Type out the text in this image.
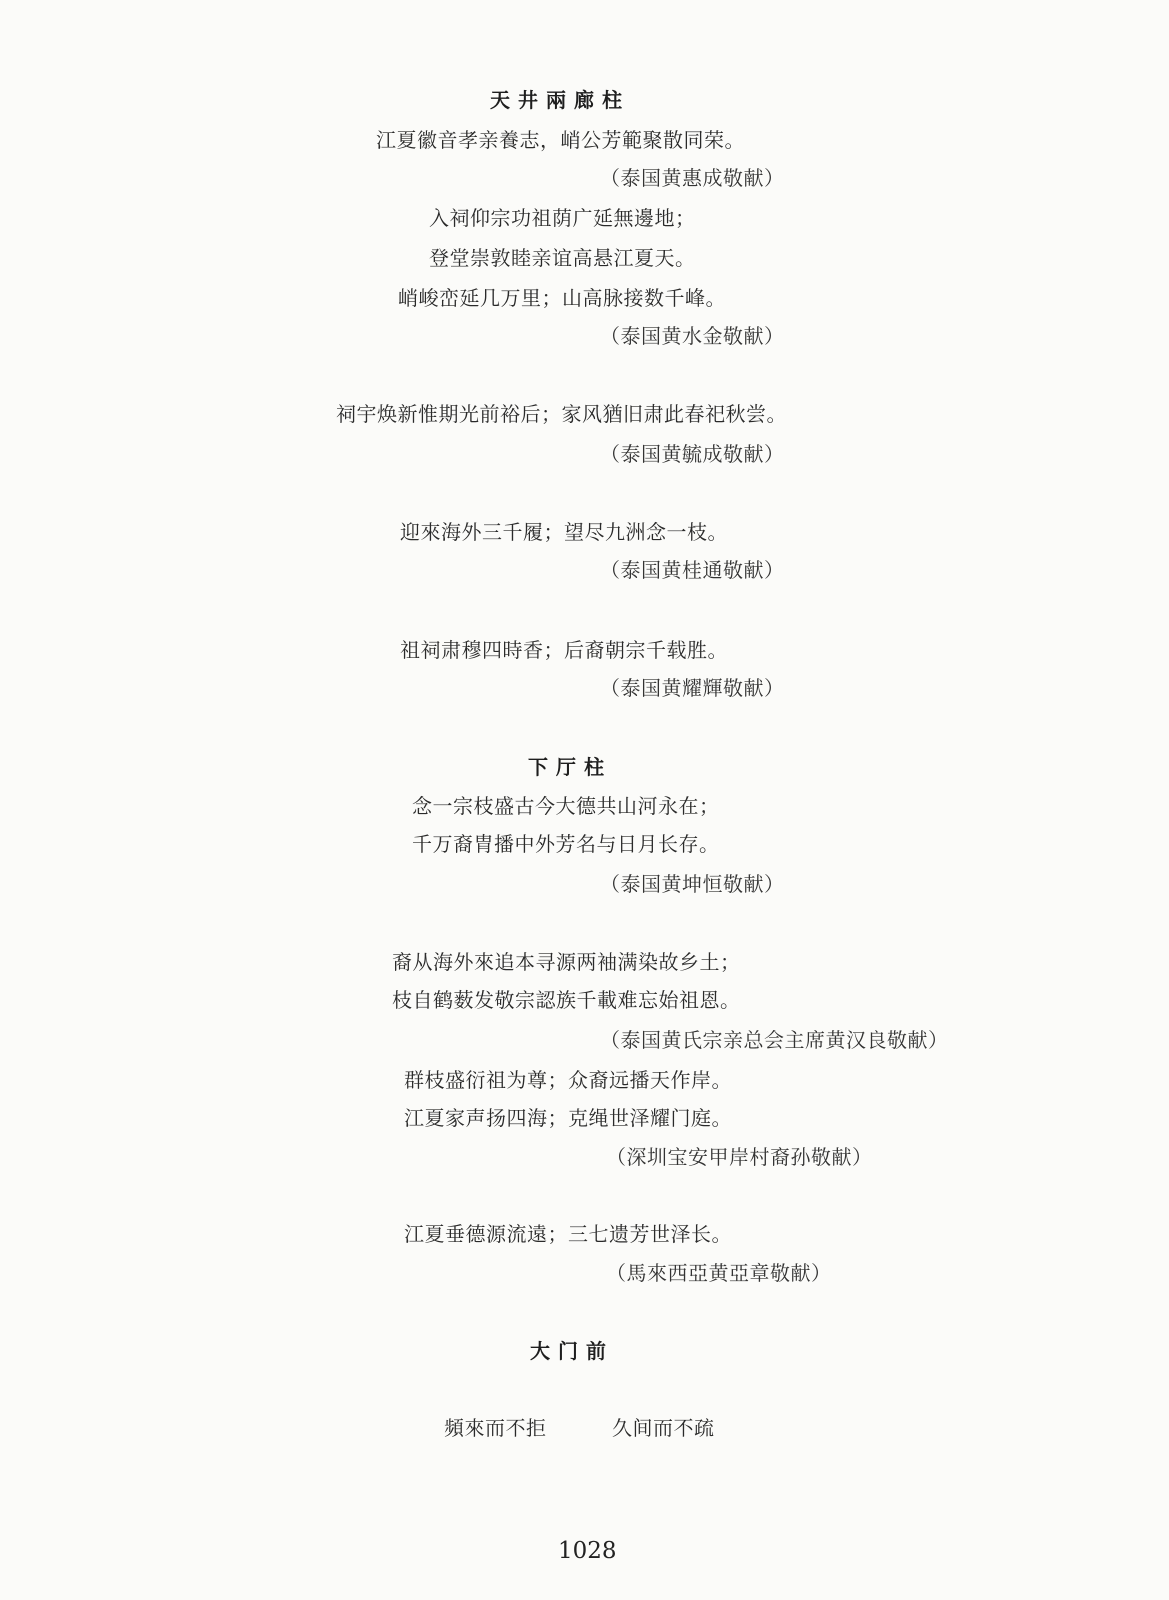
天井兩廊柱
江夏徽音孝亲養志，峭公芳範聚散同荣。
（泰国黄惠成敬献）
入祠仰宗功祖荫广延無邊地；
登堂崇敦睦亲谊高悬江夏天。
峭峻峦延几万里；山高脉接数千峰。
（泰国黄水金敬献）
祠宇焕新惟期光前裕后；家风猶旧肃此春祀秋尝。
（泰国黄毓成敬献）
迎來海外三千履；望尽九洲念一枝。
（泰国黄桂通敬献）
祖祠肃穆四時香；后裔朝宗千载胜。
（泰国黄耀輝敬献）
下厅柱
念一宗枝盛古今大德共山河永在；
千万裔胄播中外芳名与日月长存。
（泰国黄坤恒敬献）
裔从海外來追本寻源两袖满染故乡土；
枝自鹤薮发敬宗認族千載难忘始祖恩。
（泰国黄氏宗亲总会主席黄汉良敬献）
群枝盛衍祖为尊；众裔远播天作岸。
江夏家声扬四海；克绳世泽耀门庭。
（深圳宝安甲岸村裔孙敬献）
江夏垂德源流遠；三七遗芳世泽长。
（馬來西亞黄亞章敬献）
大门前
頻來而不拒	久间而不疏
1028
